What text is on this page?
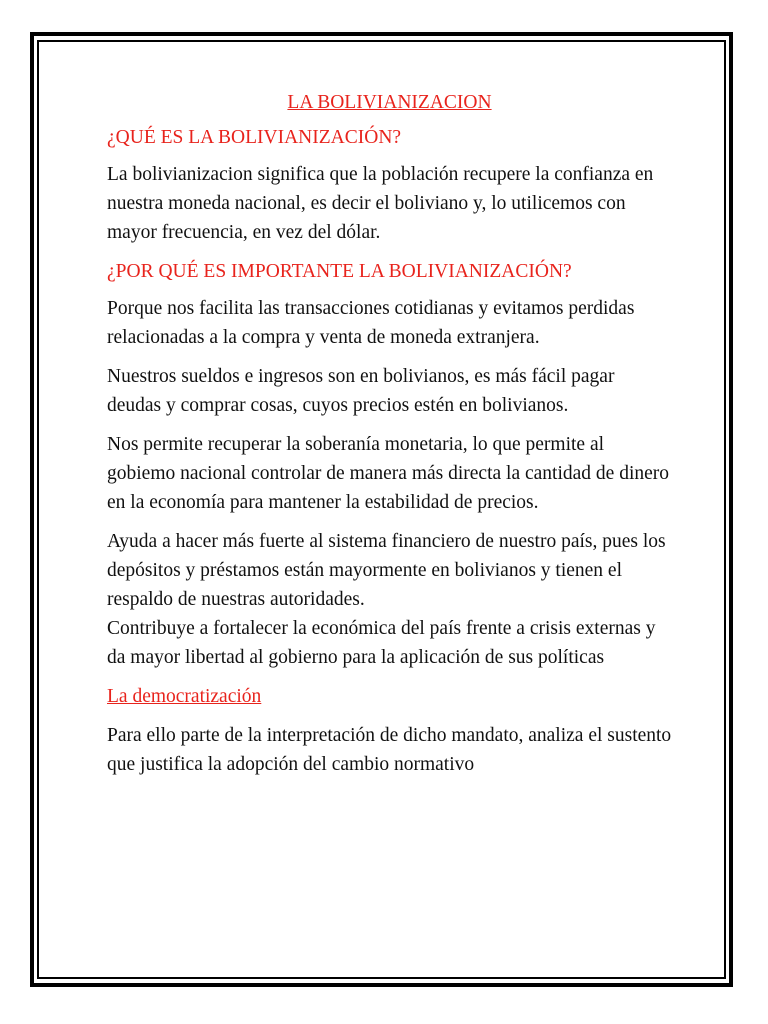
LA BOLIVIANIZACION

¿QUÉ ES LA BOLIVIANIZACIÓN?

La bolivianizacion significa que la población recupere la confianza en nuestra moneda nacional, es decir el boliviano y, lo utilicemos con mayor frecuencia, en vez del dólar.

¿POR QUÉ ES IMPORTANTE LA BOLIVIANIZACIÓN?

Porque nos facilita las transacciones cotidianas y evitamos perdidas relacionadas a la compra y venta de moneda extranjera.

Nuestros sueldos e ingresos son en bolivianos, es más fácil pagar deudas y comprar cosas, cuyos precios estén en bolivianos.

Nos permite recuperar la soberanía monetaria, lo que permite al gobiemo nacional controlar de manera más directa la cantidad de dinero en la economía para mantener la estabilidad de precios.

Ayuda a hacer más fuerte al sistema financiero de nuestro país, pues los depósitos y préstamos están mayormente en bolivianos y tienen el respaldo de nuestras autoridades.

Contribuye a fortalecer la económica del país frente a crisis externas y da mayor libertad al gobierno para la aplicación de sus políticas

La democratización

Para ello parte de la interpretación de dicho mandato, analiza el sustento que justifica la adopción del cambio normativo
